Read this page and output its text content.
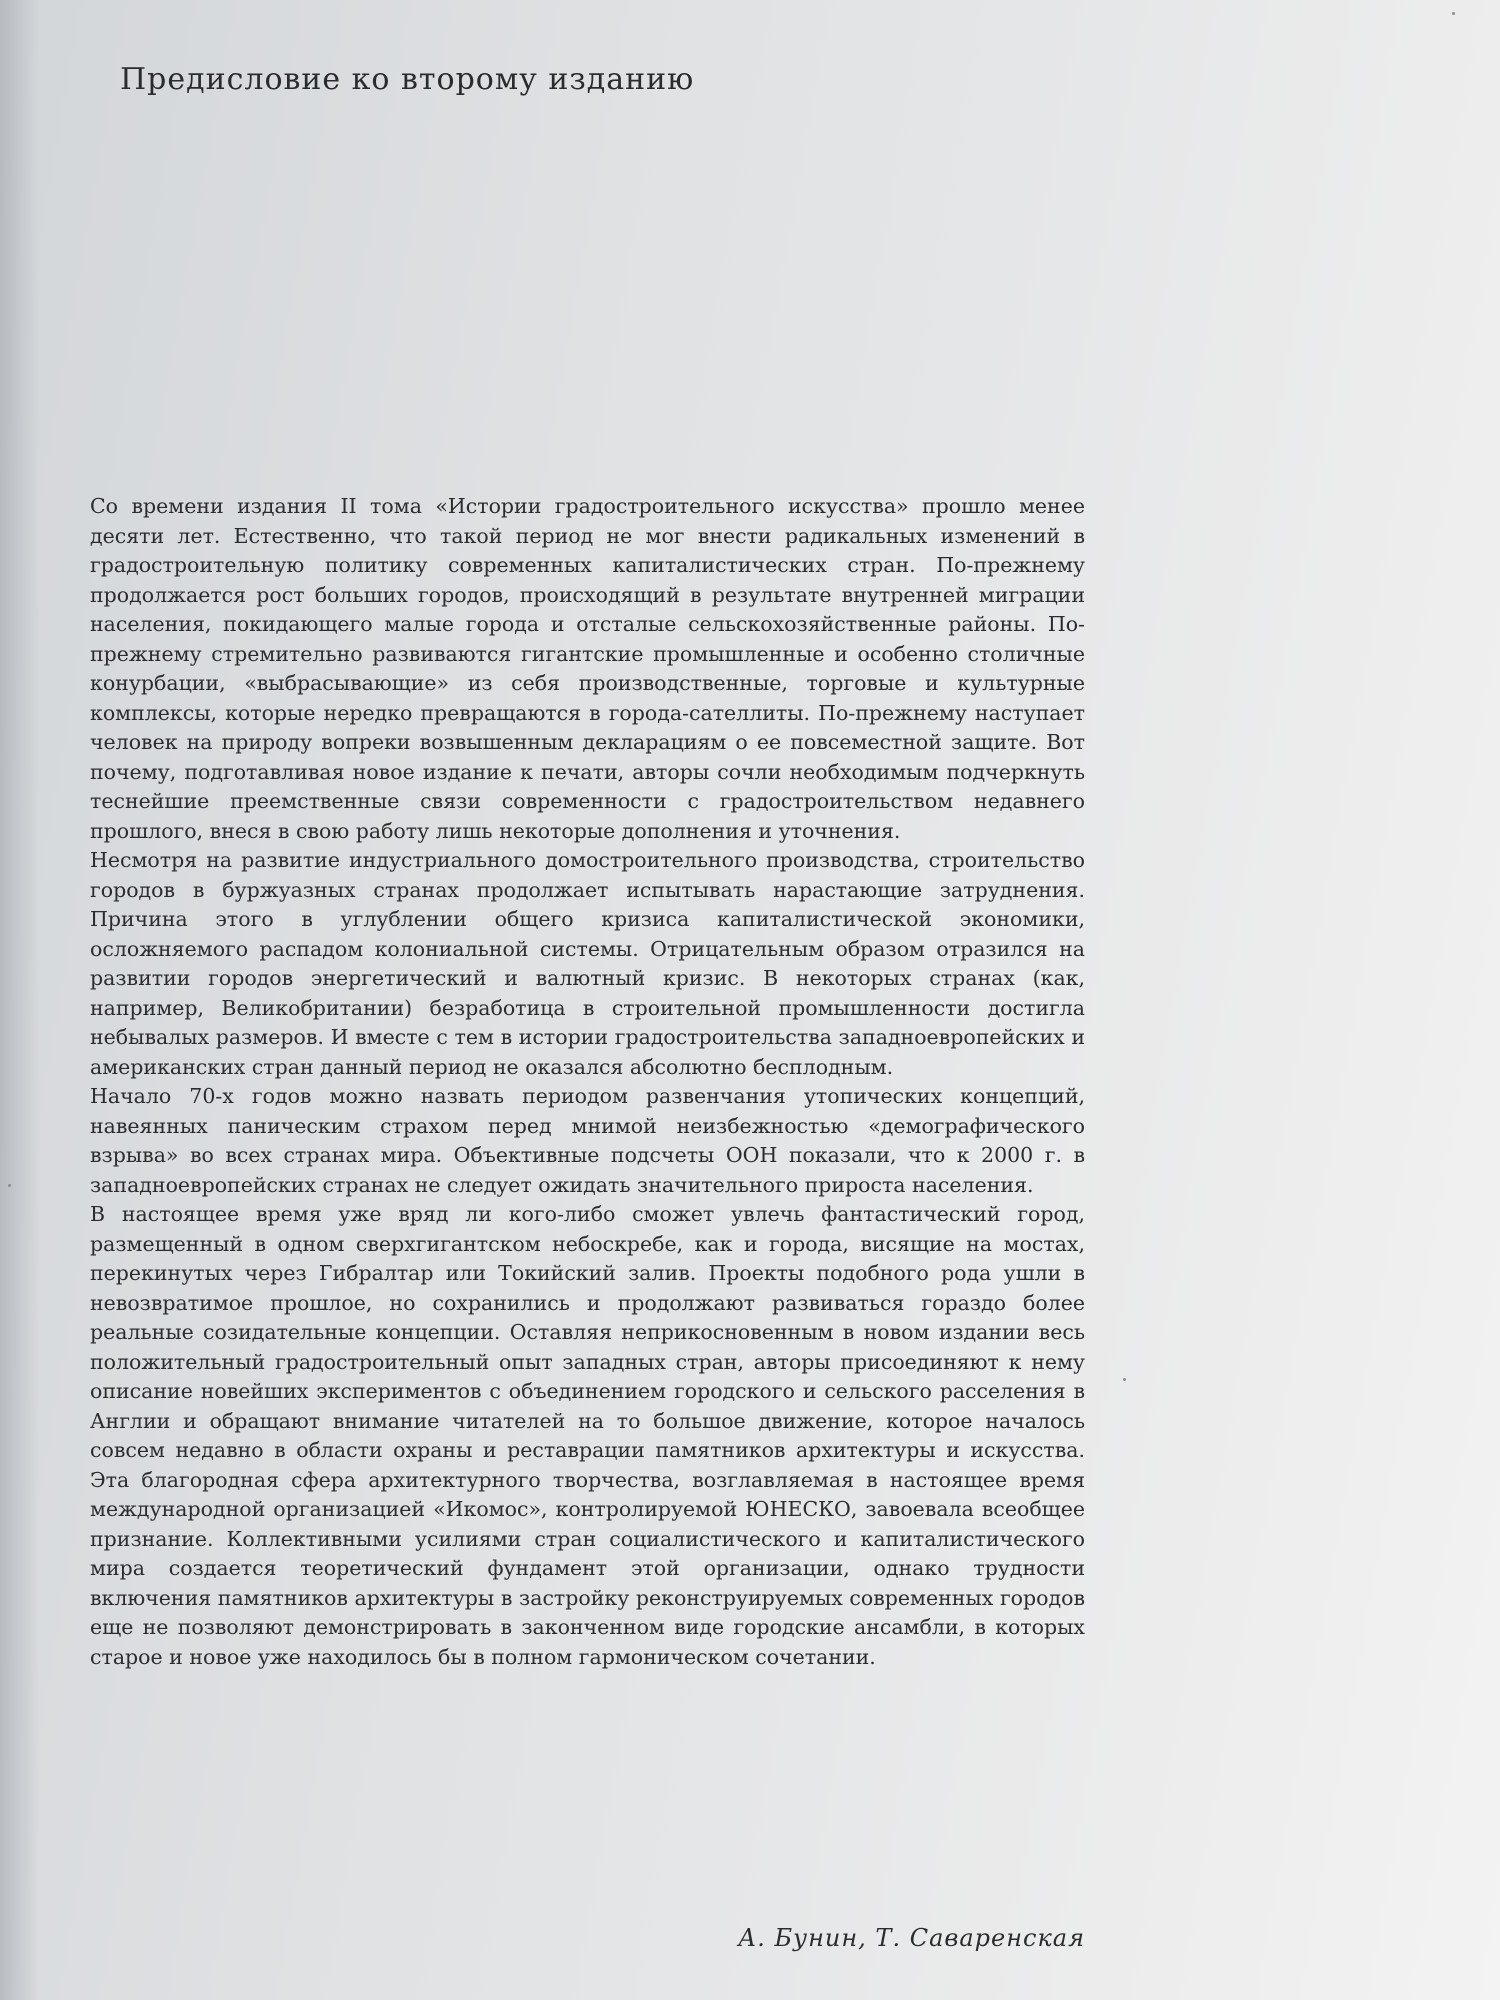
Предисловие ко второму изданию

Со времени издания II тома «Истории градостроительного искусства» прошло менее десяти лет. Естественно, что такой период не мог внести радикальных изменений в градостроительную политику современных капиталистических стран. По-прежнему продолжается рост больших городов, происходящий в результате внутренней миграции населения, покидающего малые города и отсталые сельскохозяйственные районы. По-прежнему стремительно развиваются гигантские промышленные и особенно столичные конурбации, «выбрасывающие» из себя производственные, торговые и культурные комплексы, которые нередко превращаются в города-сателлиты. По-прежнему наступает человек на природу вопреки возвышенным декларациям о ее повсеместной защите. Вот почему, подготавливая новое издание к печати, авторы сочли необходимым подчеркнуть теснейшие преемственные связи современности с градостроительством недавнего прошлого, внеся в свою работу лишь некоторые дополнения и уточнения.

Несмотря на развитие индустриального домостроительного производства, строительство городов в буржуазных странах продолжает испытывать нарастающие затруднения. Причина этого в углублении общего кризиса капиталистической экономики, осложняемого распадом колониальной системы. Отрицательным образом отразился на развитии городов энергетический и валютный кризис. В некоторых странах (как, например, Великобритании) безработица в строительной промышленности достигла небывалых размеров. И вместе с тем в истории градостроительства западноевропейских и американских стран данный период не оказался абсолютно бесплодным.

Начало 70-х годов можно назвать периодом развенчания утопических концепций, навеянных паническим страхом перед мнимой неизбежностью «демографического взрыва» во всех странах мира. Объективные подсчеты ООН показали, что к 2000 г. в западноевропейских странах не следует ожидать значительного прироста населения.

В настоящее время уже вряд ли кого-либо сможет увлечь фантастический город, размещенный в одном сверхгигантском небоскребе, как и города, висящие на мостах, перекинутых через Гибралтар или Токийский залив. Проекты подобного рода ушли в невозвратимое прошлое, но сохранились и продолжают развиваться гораздо более реальные созидательные концепции. Оставляя неприкосновенным в новом издании весь положительный градостроительный опыт западных стран, авторы присоединяют к нему описание новейших экспериментов с объединением городского и сельского расселения в Англии и обращают внимание читателей на то большое движение, которое началось совсем недавно в области охраны и реставрации памятников архитектуры и искусства. Эта благородная сфера архитектурного творчества, возглавляемая в настоящее время международной организацией «Икомос», контролируемой ЮНЕСКО, завоевала всеобщее признание. Коллективными усилиями стран социалистического и капиталистического мира создается теоретический фундамент этой организации, однако трудности включения памятников архитектуры в застройку реконструируемых современных городов еще не позволяют демонстрировать в законченном виде городские ансамбли, в которых старое и новое уже находилось бы в полном гармоническом сочетании.

А. Бунин, Т. Саваренская
